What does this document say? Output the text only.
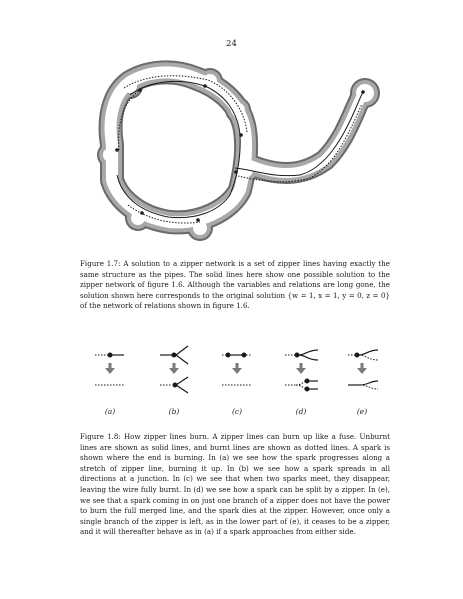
24
Figure 1.7: A solution to a zipper network is a set of zipper lines having exactly the same structure as the pipes. The solid lines here show one possible solution to the zipper network of figure 1.6. Although the variables and relations are long gone, the solution shown here corresponds to the original solution {w = 1, x = 1, y = 0, z = 0} of the network of relations shown in figure 1.6.
(a)	(b)	(c)	(d)	(e)
Figure 1.8: How zipper lines burn. A zipper lines can burn up like a fuse. Unburnt lines are shown as solid lines, and burnt lines are shown as dotted lines. A spark is shown where the end is burning. In (a) we see how the spark progresses along a stretch of zipper line, burning it up. In (b) we see how a spark spreads in all directions at a junction. In (c) we see that when two sparks meet, they disappear, leaving the wire fully burnt. In (d) we see how a spark can be split by a zipper. In (e), we see that a spark coming in on just one branch of a zipper does not have the power to burn the full merged line, and the spark dies at the zipper. However, once only a single branch of the zipper is left, as in the lower part of (e), it ceases to be a zipper, and it will thereafter behave as in (a) if a spark approaches from either side.
